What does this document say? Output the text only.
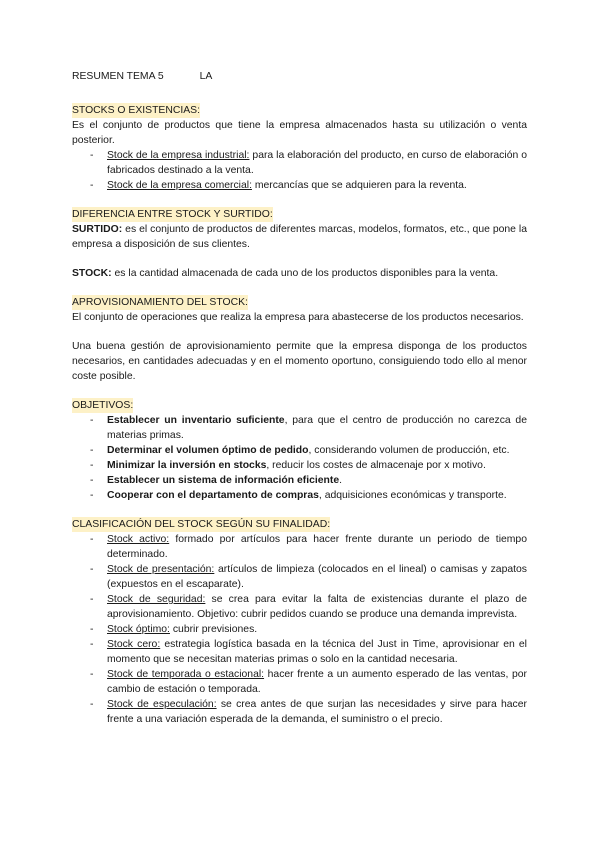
RESUMEN TEMA 5	LA
STOCKS O EXISTENCIAS:

Es el conjunto de productos que tiene la empresa almacenados hasta su utilización o venta posterior.

- Stock de la empresa industrial: para la elaboración del producto, en curso de elaboración o fabricados destinado a la venta.
- Stock de la empresa comercial: mercancías que se adquieren para la reventa.
DIFERENCIA ENTRE STOCK Y SURTIDO:

SURTIDO: es el conjunto de productos de diferentes marcas, modelos, formatos, etc., que pone la empresa a disposición de sus clientes.

STOCK: es la cantidad almacenada de cada uno de los productos disponibles para la venta.

APROVISIONAMIENTO DEL STOCK:

El conjunto de operaciones que realiza la empresa para abastecerse de los productos necesarios.

Una buena gestión de aprovisionamiento permite que la empresa disponga de los productos necesarios, en cantidades adecuadas y en el momento oportuno, consiguiendo todo ello al menor coste posible.

OBJETIVOS:
- Establecer un inventario suficiente, para que el centro de producción no carezca de materias primas.
- Determinar el volumen óptimo de pedido, considerando volumen de producción, etc.
- Minimizar la inversión en stocks, reducir los costes de almacenaje por x motivo.
- Establecer un sistema de información eficiente.
- Cooperar con el departamento de compras, adquisiciones económicas y transporte.
CLASIFICACIÓN DEL STOCK SEGÚN SU FINALIDAD:
- Stock activo: formado por artículos para hacer frente durante un periodo de tiempo determinado.
- Stock de presentación: artículos de limpieza (colocados en el lineal) o camisas y zapatos (expuestos en el escaparate).
- Stock de seguridad: se crea para evitar la falta de existencias durante el plazo de aprovisionamiento. Objetivo: cubrir pedidos cuando se produce una demanda imprevista.
- Stock óptimo: cubrir previsiones.
- Stock cero: estrategia logística basada en la técnica del Just in Time, aprovisionar en el momento que se necesitan materias primas o solo en la cantidad necesaria.
- Stock de temporada o estacional: hacer frente a un aumento esperado de las ventas, por cambio de estación o temporada.
- Stock de especulación: se crea antes de que surjan las necesidades y sirve para hacer frente a una variación esperada de la demanda, el suministro o el precio.
